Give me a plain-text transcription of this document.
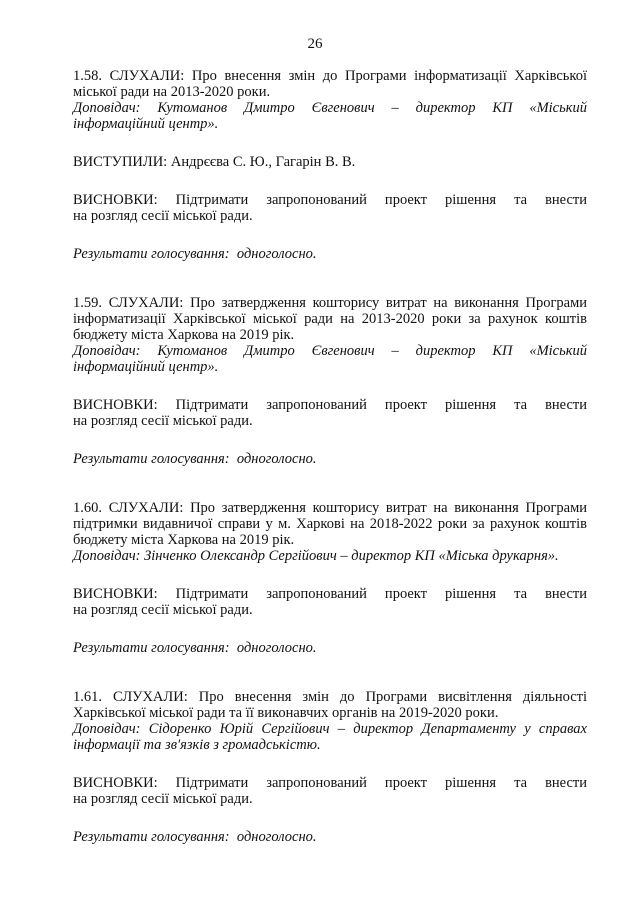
26
1.58. СЛУХАЛИ: Про внесення змін до Програми інформатизації Харківської
міської ради на 2013-2020 роки.
Доповідач: Кутоманов Дмитро Євгенович – директор КП «Міський
інформаційний центр».
ВИСТУПИЛИ: Андрєєва С. Ю., Гагарін В. В.
ВИСНОВКИ: Підтримати запропонований проект рішення та внести
на розгляд сесії міської ради.
Результати голосування: одноголосно.
1.59. СЛУХАЛИ: Про затвердження кошторису витрат на виконання Програми
інформатизації Харківської міської ради на 2013-2020 роки за рахунок коштів
бюджету міста Харкова на 2019 рік.
Доповідач: Кутоманов Дмитро Євгенович – директор КП «Міський
інформаційний центр».
ВИСНОВКИ: Підтримати запропонований проект рішення та внести
на розгляд сесії міської ради.
Результати голосування: одноголосно.
1.60. СЛУХАЛИ: Про затвердження кошторису витрат на виконання Програми
підтримки видавничої справи у м. Харкові на 2018-2022 роки за рахунок коштів
бюджету міста Харкова на 2019 рік.
Доповідач: Зінченко Олександр Сергійович – директор КП «Міська друкарня».
ВИСНОВКИ: Підтримати запропонований проект рішення та внести
на розгляд сесії міської ради.
Результати голосування: одноголосно.
1.61. СЛУХАЛИ: Про внесення змін до Програми висвітлення діяльності
Харківської міської ради та її виконавчих органів на 2019-2020 роки.
Доповідач: Сідоренко Юрій Сергійович – директор Департаменту у справах
інформації та зв'язків з громадськістю.
ВИСНОВКИ: Підтримати запропонований проект рішення та внести
на розгляд сесії міської ради.
Результати голосування: одноголосно.
